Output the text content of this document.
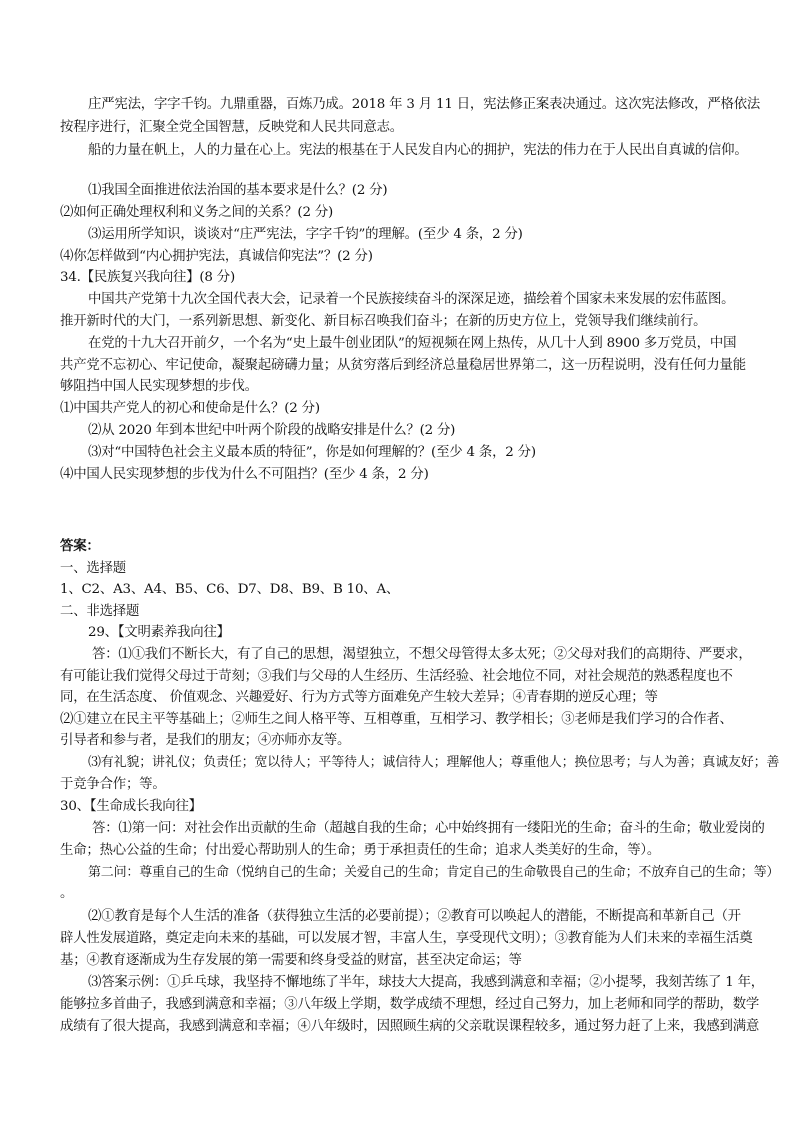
庄严宪法，字字千钧。九鼎重器，百炼乃成。2018 年 3 月 11 日，宪法修正案表决通过。这次宪法修改，严格依法
按程序进行，汇聚全党全国智慧，反映党和人民共同意志。
船的力量在帆上，人的力量在心上。宪法的根基在于人民发自内心的拥护，宪法的伟力在于人民出自真诚的信仰。
⑴我国全面推进依法治国的基本要求是什么？(2 分)
⑵如何正确处理权利和义务之间的关系？(2 分)
⑶运用所学知识，谈谈对“庄严宪法，字字千钧”的理解。(至少 4 条，2 分)
⑷你怎样做到“内心拥护宪法，真诚信仰宪法”？(2 分)
34.【民族复兴我向往】(8 分)
中国共产党第十九次全国代表大会，记录着一个民族接续奋斗的深深足迹，描绘着个国家未来发展的宏伟蓝图。
推开新时代的大门，一系列新思想、新变化、新目标召唤我们奋斗；在新的历史方位上，党领导我们继续前行。
在党的十九大召开前夕，一个名为“史上最牛创业团队”的短视频在网上热传，从几十人到 8900 多万党员，中国
共产党不忘初心、牢记使命，凝聚起磅礴力量；从贫穷落后到经济总量稳居世界第二，这一历程说明，没有任何力量能
够阻挡中国人民实现梦想的步伐。
⑴中国共产党人的初心和使命是什么？(2 分)
⑵从 2020 年到本世纪中叶两个阶段的战略安排是什么？(2 分)
⑶对“中国特色社会主义最本质的特征”，你是如何理解的？(至少 4 条，2 分)
⑷中国人民实现梦想的步伐为什么不可阻挡？(至少 4 条，2 分)
答案：
一、选择题
1、C2、A3、A4、B5、C6、D7、D8、B9、B 10、A、
二、非选择题
29、【文明素养我向往】
答：⑴①我们不断长大，有了自己的思想，渴望独立，不想父母管得太多太死；②父母对我们的高期待、严要求，
有可能让我们觉得父母过于苛刻；③我们与父母的人生经历、生活经验、社会地位不同，对社会规范的熟悉程度也不
同，在生活态度、 价值观念、兴趣爱好、行为方式等方面难免产生较大差异；④青春期的逆反心理；等
⑵①建立在民主平等基础上；②师生之间人格平等、互相尊重，互相学习、教学相长；③老师是我们学习的合作者、
引导者和参与者，是我们的朋友；④亦师亦友等。
⑶有礼貌；讲礼仪；负责任；宽以待人；平等待人；诚信待人；理解他人；尊重他人；换位思考；与人为善；真诚友好；善
于竞争合作；等。
30、【生命成长我向往】
答：⑴第一问：对社会作出贡献的生命（超越自我的生命；心中始终拥有一缕阳光的生命；奋斗的生命；敬业爱岗的
生命；热心公益的生命；付出爱心帮助别人的生命；勇于承担责任的生命；追求人类美好的生命，等）。
第二问：尊重自己的生命（悦纳自己的生命；关爱自己的生命；肯定自己的生命敬畏自己的生命；不放弃自己的生命；等）
。
⑵①教育是每个人生活的准备（获得独立生活的必要前提）；②教育可以唤起人的潜能，不断提高和革新自己（开
辟人性发展道路，奠定走向未来的基础，可以发展才智，丰富人生，享受现代文明）；③教育能为人们未来的幸福生活奠
基；④教育逐渐成为生存发展的第一需要和终身受益的财富，甚至决定命运；等
⑶答案示例：①乒乓球，我坚持不懈地练了半年，球技大大提高，我感到满意和幸福；②小提琴，我刻苦练了 1 年，
能够拉多首曲子，我感到满意和幸福；③八年级上学期，数学成绩不理想，经过自己努力，加上老师和同学的帮助，数学
成绩有了很大提高，我感到满意和幸福；④八年级时，因照顾生病的父亲耽误课程较多，通过努力赶了上来，我感到满意
